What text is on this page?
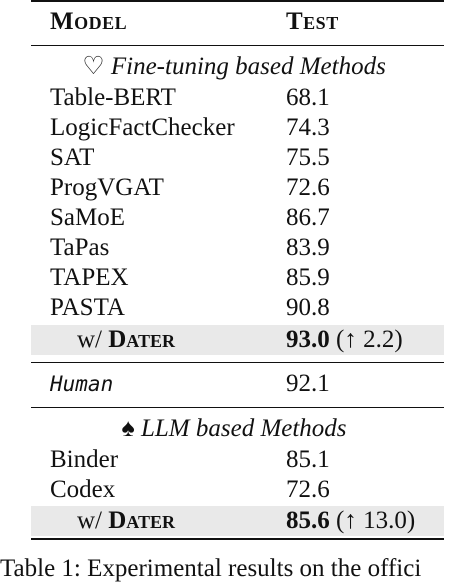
Model	Test
♡ Fine-tuning based Methods
Table-BERT	68.1
LogicFactChecker 74.3
SAT	75.5
ProgVGAT	72.6
SaMoE	86.7
TaPas	83.9
TAPEX	85.9
PASTA	90.8
w/ Dater	93.0 (↑ 2.2)
Human	92.1
♠ LLM based Methods
Binder	85.1
Codex	72.6
w/ Dater	85.6 (↑ 13.0)
Table 1: Experimental results on the offici
